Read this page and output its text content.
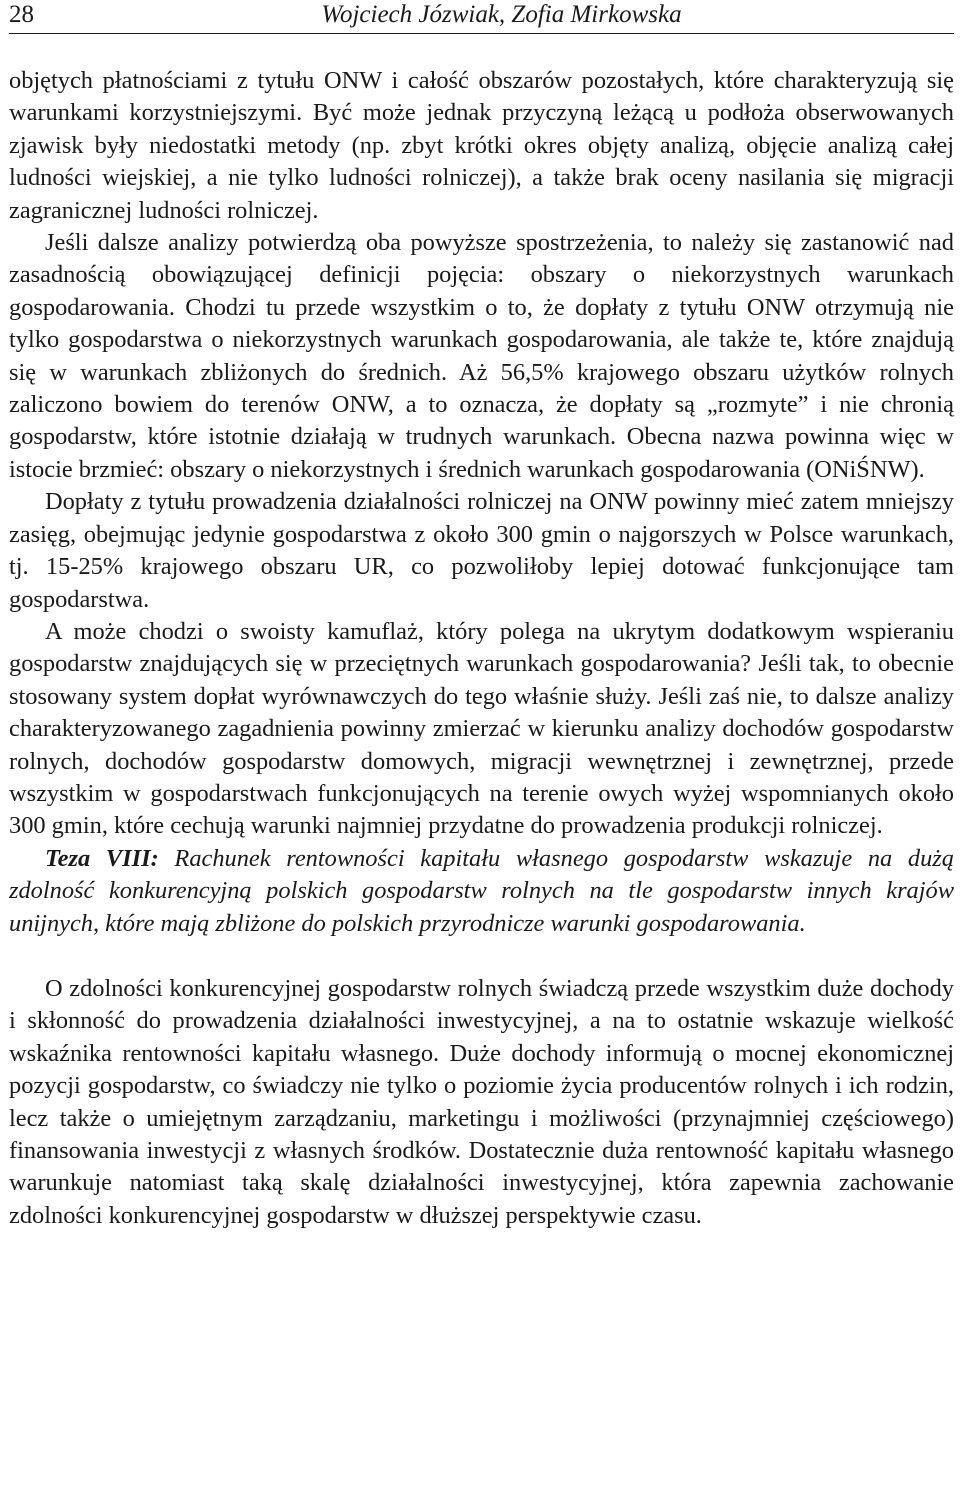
28	Wojciech Józwiak, Zofia Mirkowska

objętych płatnościami z tytułu ONW i całość obszarów pozostałych, które charakteryzują się warunkami korzystniejszymi. Być może jednak przyczyną leżącą u podłoża obserwowanych zjawisk były niedostatki metody (np. zbyt krótki okres objęty analizą, objęcie analizą całej ludności wiejskiej, a nie tylko ludności rolniczej), a także brak oceny nasilania się migracji zagranicznej ludności rolniczej.

Jeśli dalsze analizy potwierdzą oba powyższe spostrzeżenia, to należy się zastanowić nad zasadnością obowiązującej definicji pojęcia: obszary o niekorzystnych warunkach gospodarowania. Chodzi tu przede wszystkim o to, że dopłaty z tytułu ONW otrzymują nie tylko gospodarstwa o niekorzystnych warunkach gospodarowania, ale także te, które znajdują się w warunkach zbliżonych do średnich. Aż 56,5% krajowego obszaru użytków rolnych zaliczono bowiem do terenów ONW, a to oznacza, że dopłaty są „rozmyte” i nie chronią gospodarstw, które istotnie działają w trudnych warunkach. Obecna nazwa powinna więc w istocie brzmieć: obszary o niekorzystnych i średnich warunkach gospodarowania (ONiŚNW).

Dopłaty z tytułu prowadzenia działalności rolniczej na ONW powinny mieć zatem mniejszy zasięg, obejmując jedynie gospodarstwa z około 300 gmin o najgorszych w Polsce warunkach, tj. 15-25% krajowego obszaru UR, co pozwoliłoby lepiej dotować funkcjonujące tam gospodarstwa.

A może chodzi o swoisty kamuflaż, który polega na ukrytym dodatkowym wspieraniu gospodarstw znajdujących się w przeciętnych warunkach gospodarowania? Jeśli tak, to obecnie stosowany system dopłat wyrównawczych do tego właśnie służy. Jeśli zaś nie, to dalsze analizy charakteryzowanego zagadnienia powinny zmierzać w kierunku analizy dochodów gospodarstw rolnych, dochodów gospodarstw domowych, migracji wewnętrznej i zewnętrznej, przede wszystkim w gospodarstwach funkcjonujących na terenie owych wyżej wspomnianych około 300 gmin, które cechują warunki najmniej przydatne do prowadzenia produkcji rolniczej.

Teza VIII: Rachunek rentowności kapitału własnego gospodarstw wskazuje na dużą zdolność konkurencyjną polskich gospodarstw rolnych na tle gospodarstw innych krajów unijnych, które mają zbliżone do polskich przyrodnicze warunki gospodarowania.

O zdolności konkurencyjnej gospodarstw rolnych świadczą przede wszystkim duże dochody i skłonność do prowadzenia działalności inwestycyjnej, a na to ostatnie wskazuje wielkość wskaźnika rentowności kapitału własnego. Duże dochody informują o mocnej ekonomicznej pozycji gospodarstw, co świadczy nie tylko o poziomie życia producentów rolnych i ich rodzin, lecz także o umiejętnym zarządzaniu, marketingu i możliwości (przynajmniej częściowego) finansowania inwestycji z własnych środków. Dostatecznie duża rentowność kapitału własnego warunkuje natomiast taką skalę działalności inwestycyjnej, która zapewnia zachowanie zdolności konkurencyjnej gospodarstw w dłuższej perspektywie czasu.
